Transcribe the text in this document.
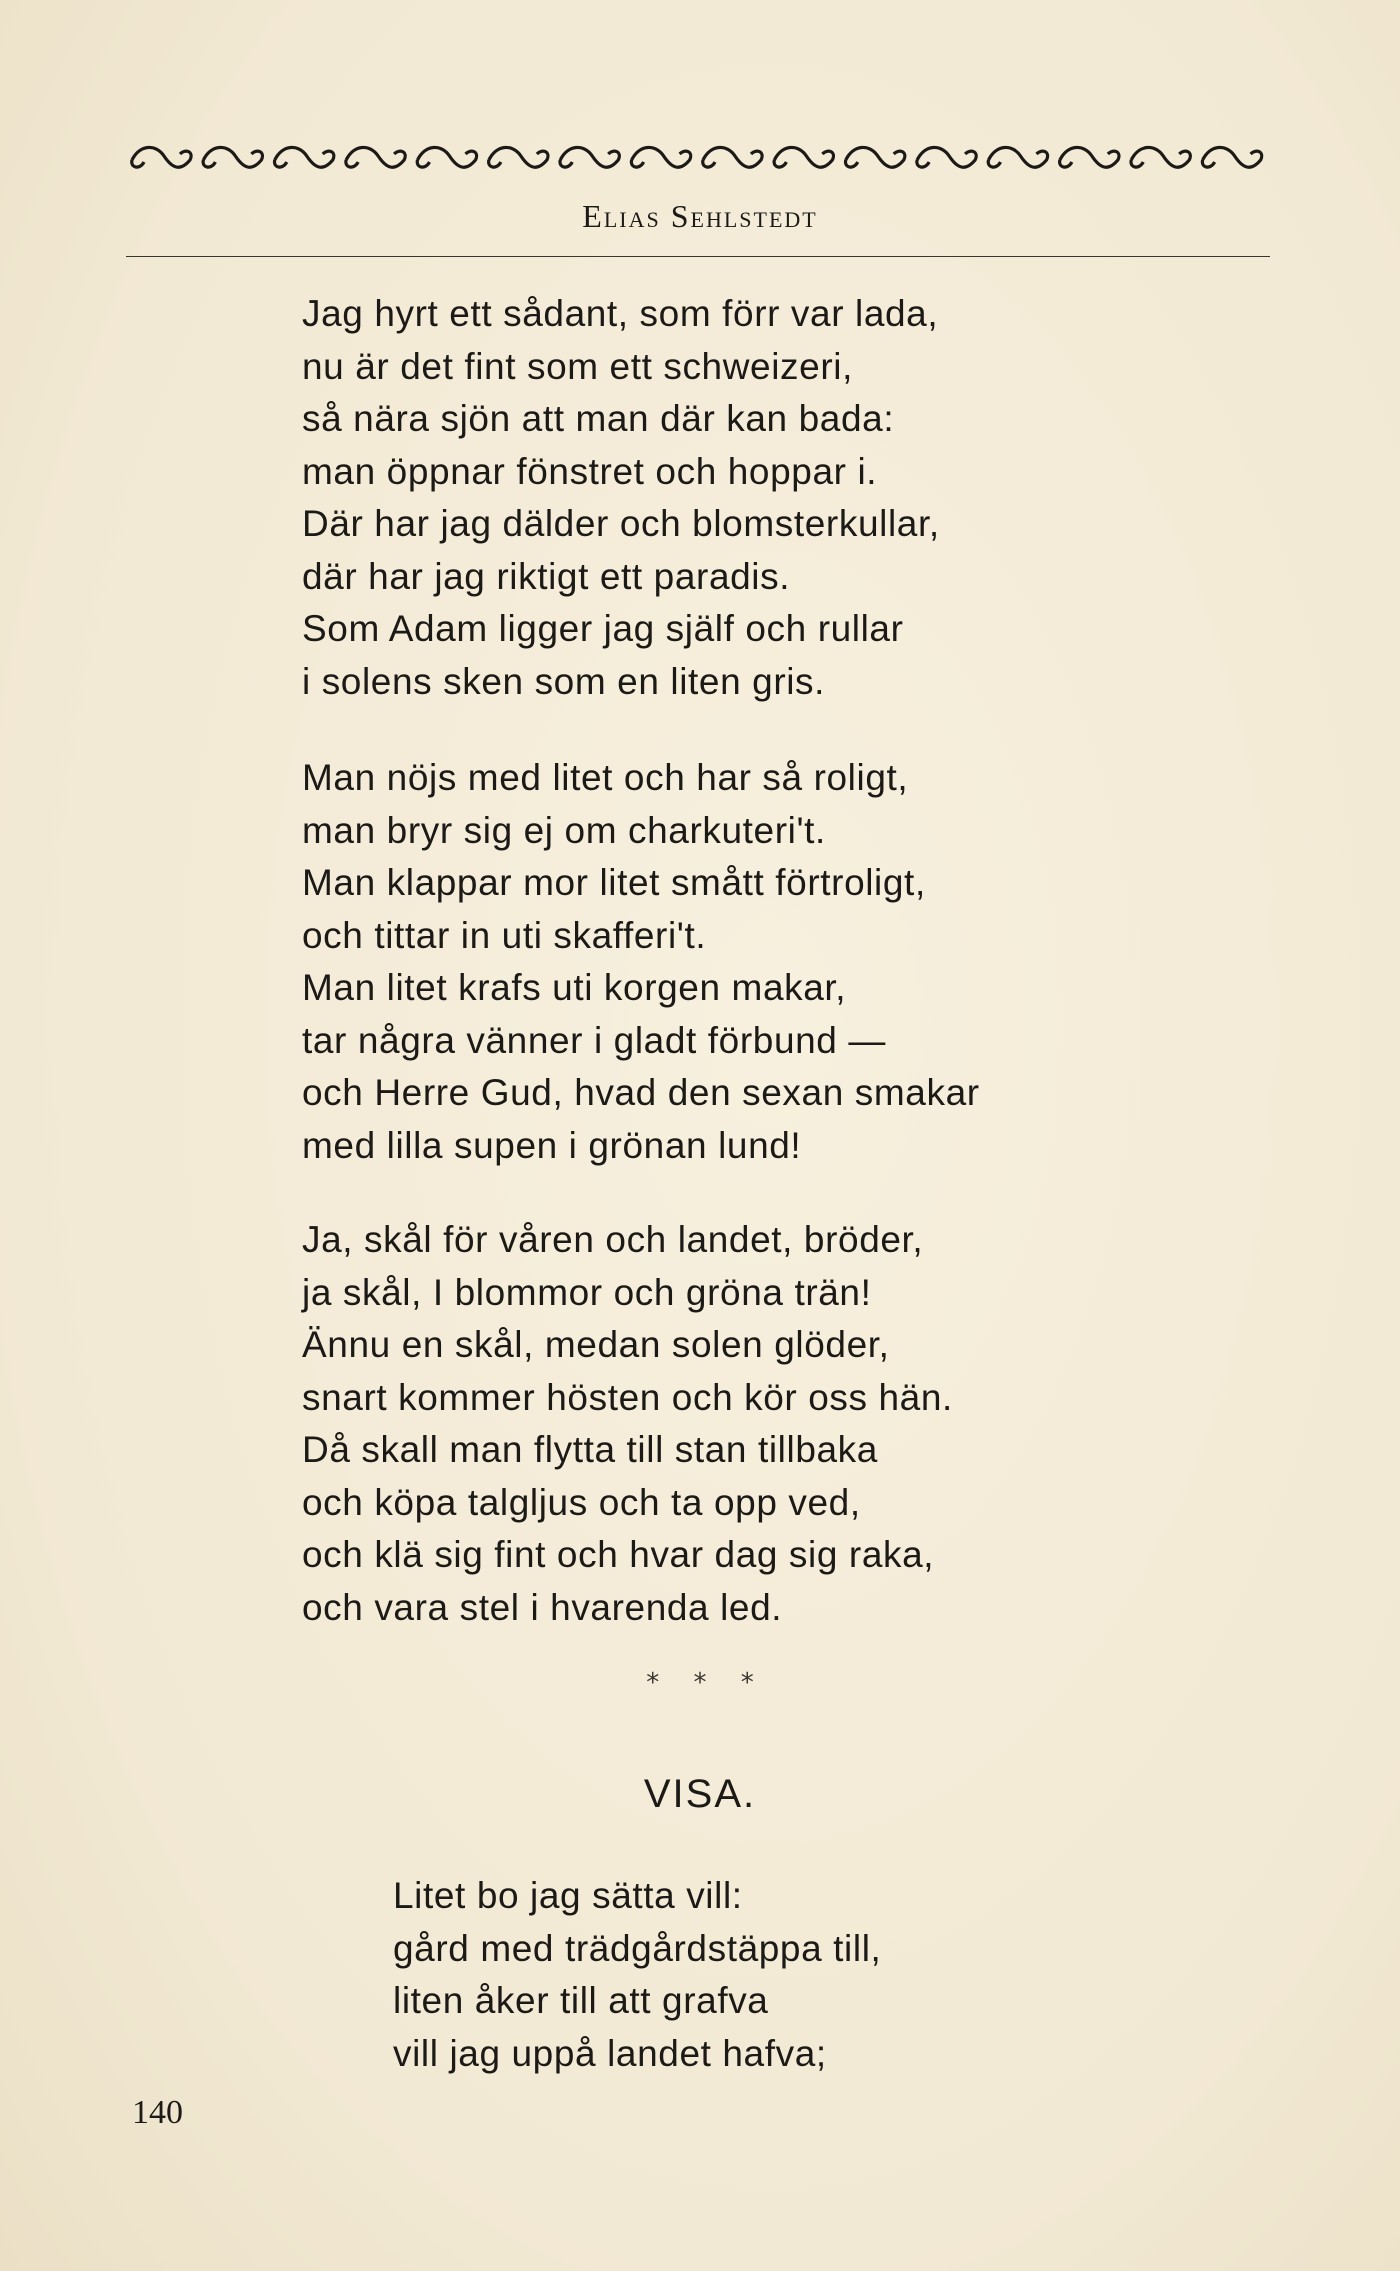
Elias Sehlstedt
Jag hyrt ett sådant, som förr var lada,
nu är det fint som ett schweizeri,
så nära sjön att man där kan bada:
man öppnar fönstret och hoppar i.
Där har jag dälder och blomsterkullar,
där har jag riktigt ett paradis.
Som Adam ligger jag själf och rullar
i solens sken som en liten gris.
Man nöjs med litet och har så roligt,
man bryr sig ej om charkuteri't.
Man klappar mor litet smått förtroligt,
och tittar in uti skafferi't.
Man litet krafs uti korgen makar,
tar några vänner i gladt förbund —
och Herre Gud, hvad den sexan smakar
med lilla supen i grönan lund!
Ja, skål för våren och landet, bröder,
ja skål, I blommor och gröna trän!
Ännu en skål, medan solen glöder,
snart kommer hösten och kör oss hän.
Då skall man flytta till stan tillbaka
och köpa talgljus och ta opp ved,
och klä sig fint och hvar dag sig raka,
och vara stel i hvarenda led.
* * *
VISA.
Litet bo jag sätta vill:
gård med trädgårdstäppa till,
liten åker till att grafva
vill jag uppå landet hafva;
140
